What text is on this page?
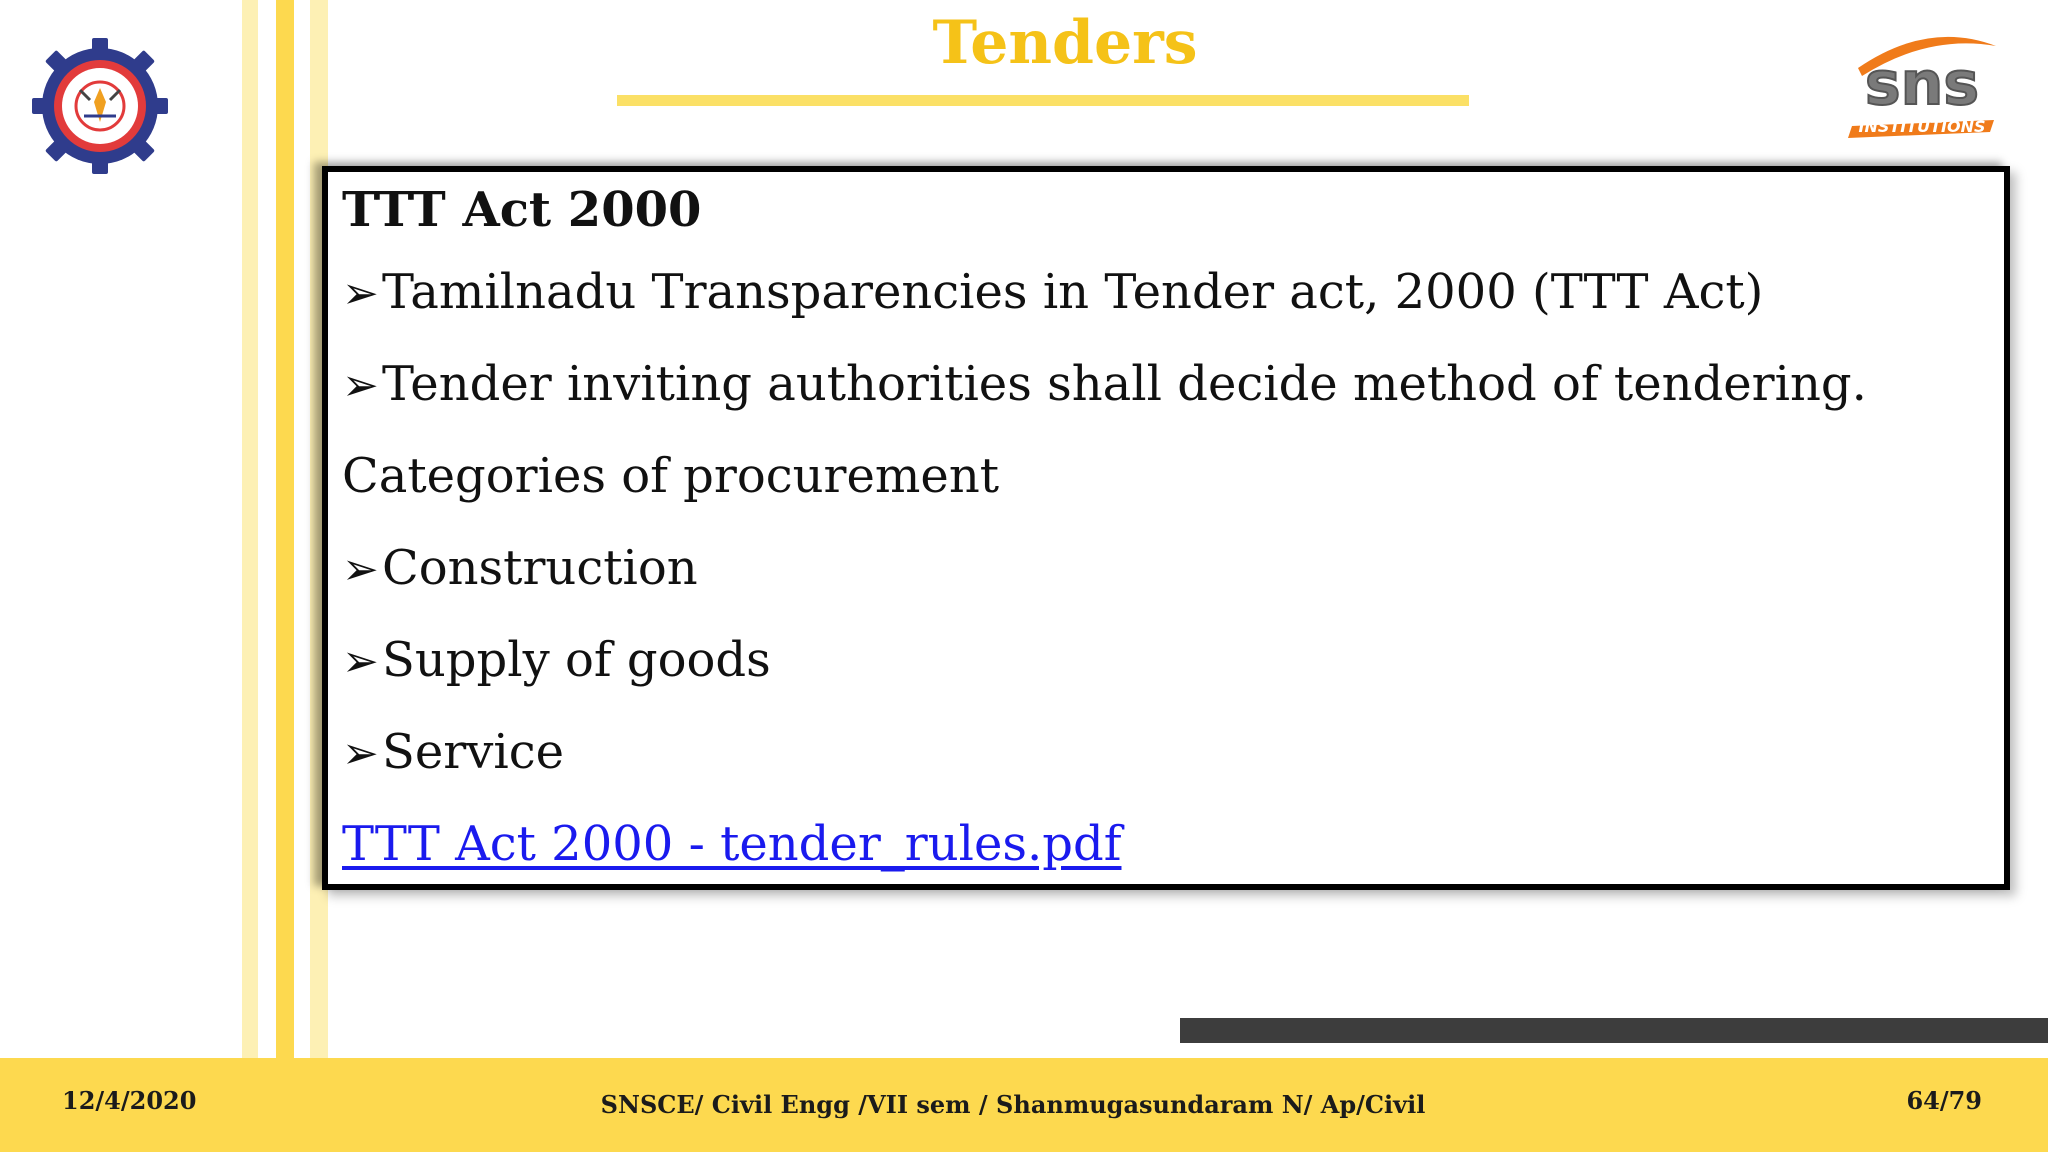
Tenders
sns
INSTITUTIONS
TTT Act 2000
➢Tamilnadu Transparencies in Tender act, 2000 (TTT Act)
➢Tender inviting authorities shall decide method of tendering.
Categories of procurement
➢Construction
➢Supply of goods
➢Service
TTT Act 2000 - tender_rules.pdf
12/4/2020	SNSCE/ Civil Engg /VII sem / Shanmugasundaram N/ Ap/Civil	64/79
